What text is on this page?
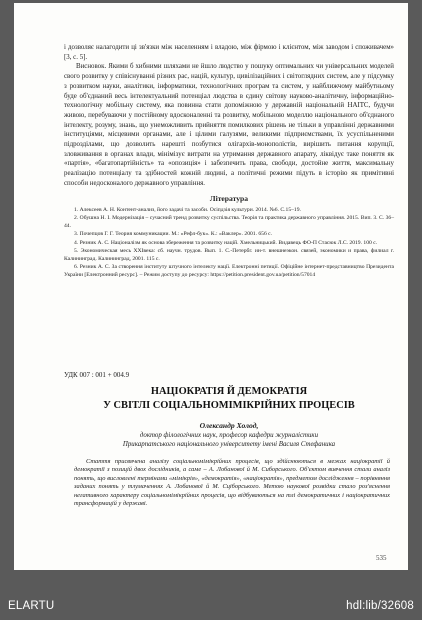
і дозволяє налагодити ці зв'язки між населенням і владою, між фірмою і клієнтом, між заводом і споживачем» [3, с. 5].

Висновок. Якими б хибними шляхами не йшло людство у пошуку оптимальних чи універсальних моделей свого розвитку у співіснуванні різних рас, націй, культур, цивілізаційних і світоглядних систем, але у підсумку з розвитком науки, аналітики, інформатики, технологічних програм та систем, у найближчому майбутньому буде об'єднаний весь інтелектуальний потенціал людства в єдину світову науково-аналітичну, інформаційно-технологічну мобільну систему, яка повинна стати допоміжною у державній національній НАІТС, будучи живою, перебуваючи у постійному вдосконаленні та розвитку, мобільною моделлю національного об'єднаного інтелекту, розуму, знань, що унеможливить прийняття помилкових рішень не тільки в управлінні державними інституціями, місцевими органами, але і цілими галузями, великими підприємствами, їх усуспільненими підрозділами, що дозволить нарешті позбутися олігархів-монополістів, вирішить питання корупції, зловживання в органах влади, мінімізує витрати на утримання державного апарату, ліквідує таке поняття як «партія», «багатопартійність» та «опозиція» і забезпечить права, свободи, достойне життя, максимальну реалізацію потенціалу та здібностей кожній людині, а політичні режими підуть в історію як примітивні способи недосконалого державного управління.

Література

1. Алексеев А. Н. Контент-анализ, його задачі та засоби. Осіпдзія культури. 2014. №6. С.15–19.

2. Обушна Н. І. Модернізація – сучасний тренд розвитку суспільства. Теорія та практика державного управління. 2015. Вип. 3. С. 36–44.

3. Почепцов Г. Г. Теория коммуникации. М.: «Рефл-бук». К.: «Ваклер». 2001. 656 с.

4. Резник А. С. Націоналізм як основа збереження та розвитку націй. Хмельницький. Видавець ФО-П Стасюк Л.С. 2019. 100 с.

5. Экономическая месь XXIвека: сб. научн. трудов. Вып. 1. С.-Петербг. ин-т. внешнеэкон. связей, экономики и права, филиал г. Калининград. Калининград, 2001. 115 с.

6. Резник А. С. За створення інституту штучного інтелекту нації. Електронні петиції. Офіційне інтернет-представництво Президента України [Електронний ресурс]. – Режим доступу до ресурсу: https://petition.president.gov.ua/petition/57014

УДК 007 : 001 + 004.9
НАЦІОКРАТІЯ Й ДЕМОКРАТІЯ
У СВІТЛІ СОЦІАЛЬНОМІМІКРІЙНИХ ПРОЦЕСІВ
Олександр Холод,
доктор філологічних наук, професор кафедри журналістики
Прикарпатського національного університету імені Василя Стефаника

Стаття присвячена аналізу соціальномімікрійних процесів, що здійснюються в межах націократії й демократії з позицій двох дослідників, а саме – А. Лобанової й М. Сиборського. Об'єктом вивчення стали аналіз понять, що висловлені термінами «мімікрія», «демократія», «націократія», предметом дослідження – порівняння заданих понять у тлумаченнях А. Лобанової й М. Сціборського. Метою наукової розвідки стало роз'яснення негативного характеру соціальномімікрійних процесів, що відбуваються на тлі демократичних і націократичних трансформацій у державі.

535
ELARTU	hdl:lib/32608
